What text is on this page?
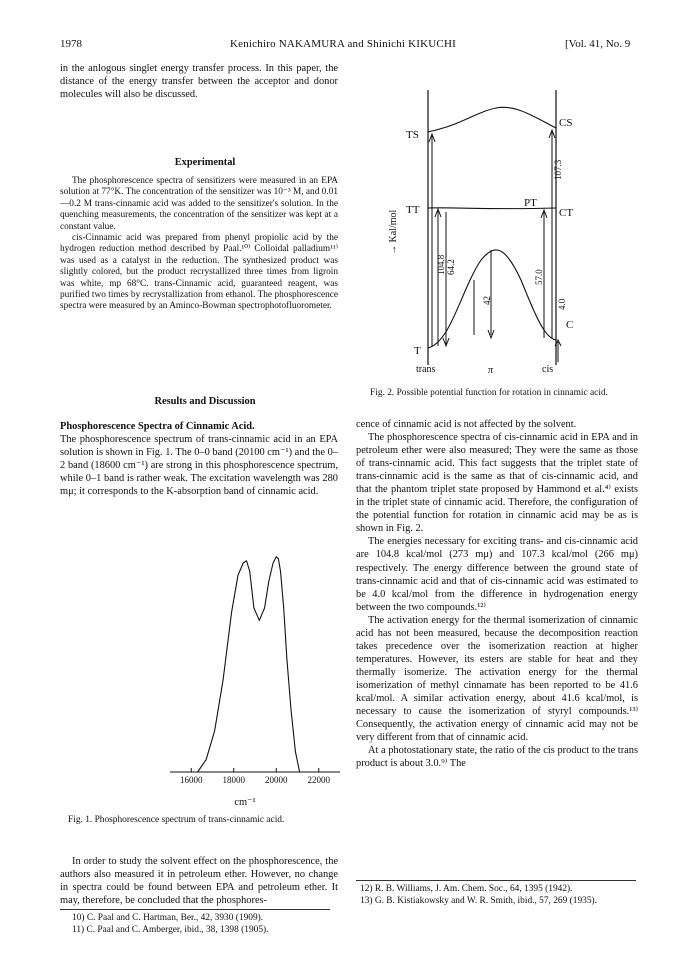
1978	Kenichiro NAKAMURA and Shinichi KIKUCHI	[Vol. 41, No. 9

in the anlogous singlet energy transfer process. In this paper, the distance of the energy transfer between the acceptor and donor molecules will also be discussed.

Experimental

The phosphorescence spectra of sensitizers were measured in an EPA solution at 77°K. The concentration of the sensitizer was 10⁻³ M, and 0.01—0.2 M trans-cinnamic acid was added to the sensitizer's solution. In the quenching measurements, the concentration of the sensitizer was kept at a constant value.

cis-Cinnamic acid was prepared from phenyl propiolic acid by the hydrogen reduction method described by Paal.¹⁰⁾ Colloidal palladium¹¹⁾ was used as a catalyst in the reduction. The synthesized product was slightly colored, but the product recrystallized three times from ligroin was white, mp 68°C. trans-Cinnamic acid, guaranteed reagent, was purified two times by recrystallization from ethanol. The phosphorescence spectra were measured by an Aminco-Bowman spectrophotofluorometer.

Results and Discussion

Phosphorescence Spectra of Cinnamic Acid.

The phosphorescence spectrum of trans-cinnamic acid in an EPA solution is shown in Fig. 1. The 0–0 band (20100 cm⁻¹) and the 0–2 band (18600 cm⁻¹) are strong in this phosphorescence spectrum, while 0–1 band is rather weak. The excitation wavelength was 280 mμ; it corresponds to the K-absorption band of cinnamic acid.

16000 18000 20000 22000
cm⁻¹

Fig. 1. Phosphorescence spectrum of trans-cinnamic acid.

In order to study the solvent effect on the phosphorescence, the authors also measured it in petroleum ether. However, no change in spectra could be found between EPA and petroleum ether. It may, therefore, be concluded that the phosphores-

10) C. Paal and C. Hartman, Ber., 42, 3930 (1909).
11) C. Paal and C. Amberger, ibid., 38, 1398 (1905).
TS
CS
TT
PT
CT
T
C
trans	π	cis
→ Kal/mol
107.3
104.8 64.2
57.0
42	4.0

Fig. 2. Possible potential function for rotation in cinnamic acid.

cence of cinnamic acid is not affected by the solvent.

The phosphorescence spectra of cis-cinnamic acid in EPA and in petroleum ether were also measured; They were the same as those of trans-cinnamic acid. This fact suggests that the triplet state of trans-cinnamic acid is the same as that of cis-cinnamic acid, and that the phantom triplet state proposed by Hammond et al.⁴⁾ exists in the triplet state of cinnamic acid. Therefore, the configuration of the potential function for rotation in cinnamic acid may be as is shown in Fig. 2.

The energies necessary for exciting trans- and cis-cinnamic acid are 104.8 kcal/mol (273 mμ) and 107.3 kcal/mol (266 mμ) respectively. The energy difference between the ground state of trans-cinnamic acid and that of cis-cinnamic acid was estimated to be 4.0 kcal/mol from the difference in hydrogenation energy between the two compounds.¹²⁾

The activation energy for the thermal isomerization of cinnamic acid has not been measured, because the decomposition reaction takes precedence over the isomerization reaction at higher temperatures. However, its esters are stable for heat and they thermally isomerize. The activation energy for the thermal isomerization of methyl cinnamate has been reported to be 41.6 kcal/mol. A similar activation energy, about 41.6 kcal/mol, is necessary to cause the isomerization of styryl compounds.¹³⁾ Consequently, the activation energy of cinnamic acid may not be very different from that of cinnamic acid.

At a photostationary state, the ratio of the cis product to the trans product is about 3.0.⁹⁾ The

12) R. B. Williams, J. Am. Chem. Soc., 64, 1395 (1942).
13) G. B. Kistiakowsky and W. R. Smith, ibid., 57, 269 (1935).
